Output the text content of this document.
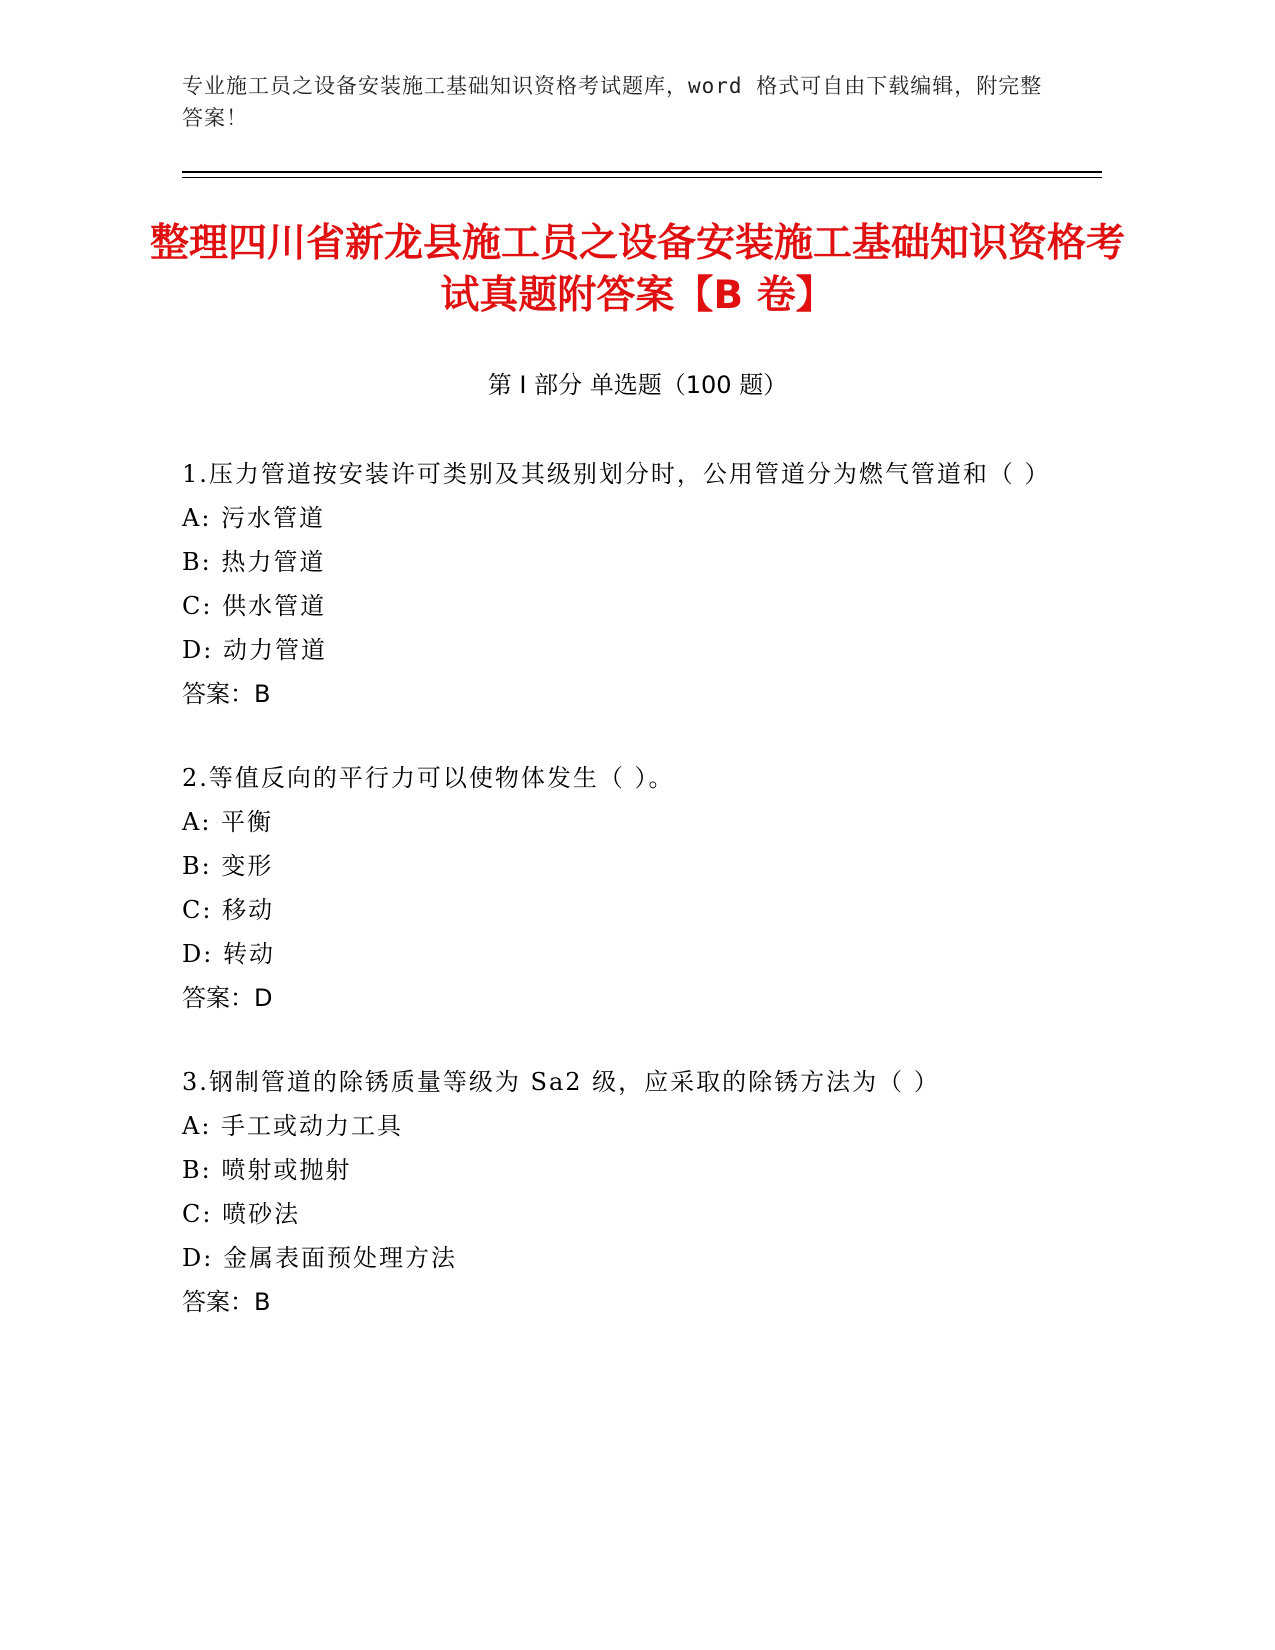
专业施工员之设备安装施工基础知识资格考试题库，word 格式可自由下载编辑，附完整答案！
整理四川省新龙县施工员之设备安装施工基础知识资格考试真题附答案【B 卷】
第 I 部分 单选题（100 题）
1.压力管道按安装许可类别及其级别划分时，公用管道分为燃气管道和（ ）
A: 污水管道
B: 热力管道
C: 供水管道
D: 动力管道
答案：B
2.等值反向的平行力可以使物体发生（ ）。
A: 平衡
B: 变形
C: 移动
D: 转动
答案：D
3.钢制管道的除锈质量等级为 Sa2 级，应采取的除锈方法为（ ）
A: 手工或动力工具
B: 喷射或抛射
C: 喷砂法
D: 金属表面预处理方法
答案：B
